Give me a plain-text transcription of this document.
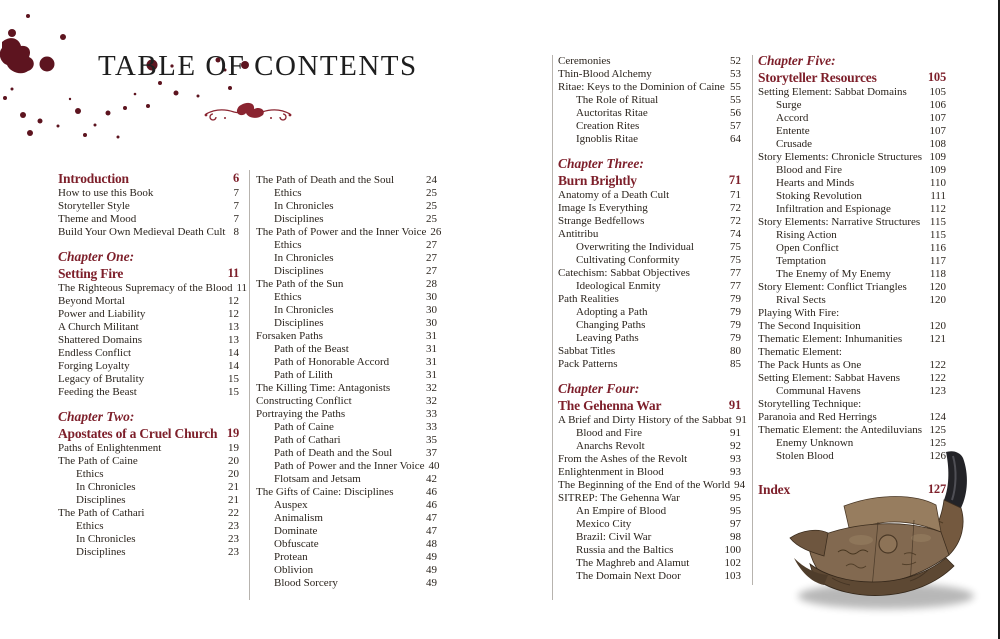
TABLE OF CONTENTS
Introduction	6
How to use this Book	7
Storyteller Style	7
Theme and Mood	7
Build Your Own Medieval Death Cult 8
Chapter One:
Setting Fire	11
The Righteous Supremacy of the Blood 11
Beyond Mortal	12
Power and Liability	12
A Church Militant	13
Shattered Domains	13
Endless Conflict	14
Forging Loyalty	14
Legacy of Brutality	15
Feeding the Beast	15
Chapter Two:
Apostates of a Cruel Church 19
Paths of Enlightenment	19
The Path of Caine	20
Ethics	20
In Chronicles	21
Disciplines	21
The Path of Cathari	22
Ethics	23
In Chronicles	23
Disciplines	23
The Path of Death and the Soul	24
Ethics	25
In Chronicles	25
Disciplines	25
The Path of Power and the Inner Voice 26
Ethics	27
In Chronicles	27
Disciplines	27
The Path of the Sun	28
Ethics	30
In Chronicles	30
Disciplines	30
Forsaken Paths	31
Path of the Beast	31
Path of Honorable Accord	31
Path of Lilith	31
The Killing Time: Antagonists	32
Constructing Conflict	32
Portraying the Paths	33
Path of Caine	33
Path of Cathari	35
Path of Death and the Soul	37
Path of Power and the Inner Voice 40
Flotsam and Jetsam	42
The Gifts of Caine: Disciplines	46
Auspex	46
Animalism	47
Dominate	47
Obfuscate	48
Protean	49
Oblivion	49
Blood Sorcery	49
Ceremonies	52
Thin-Blood Alchemy	53
Ritae: Keys to the Dominion of Caine 55
The Role of Ritual	55
Auctoritas Ritae	56
Creation Rites	57
Ignoblis Ritae	64
Chapter Three:
Burn Brightly	71
Anatomy of a Death Cult	71
Image Is Everything	72
Strange Bedfellows	72
Antitribu	74
Overwriting the Individual	75
Cultivating Conformity	75
Catechism: Sabbat Objectives	77
Ideological Enmity	77
Path Realities	79
Adopting a Path	79
Changing Paths	79
Leaving Paths	79
Sabbat Titles	80
Pack Patterns	85
Chapter Four:
The Gehenna War	91
A Brief and Dirty History of the Sabbat 91
Blood and Fire	91
Anarchs Revolt	92
From the Ashes of the Revolt	93
Enlightenment in Blood	93
The Beginning of the End of the World 94
SITREP: The Gehenna War	95
An Empire of Blood	95
Mexico City	97
Brazil: Civil War	98
Russia and the Baltics	100
The Maghreb and Alamut	102
The Domain Next Door	103
Chapter Five:
Storyteller Resources	105
Setting Element: Sabbat Domains	105
Surge	106
Accord	107
Entente	107
Crusade	108
Story Elements: Chronicle Structures 109
Blood and Fire	109
Hearts and Minds	110
Stoking Revolution	111
Infiltration and Espionage	112
Story Elements: Narrative Structures 115
Rising Action	115
Open Conflict	116
Temptation	117
The Enemy of My Enemy	118
Story Element: Conflict Triangles	120
Rival Sects	120
Playing With Fire:
The Second Inquisition	120
Thematic Element: Inhumanities	121
Thematic Element:
The Pack Hunts as One	122
Setting Element: Sabbat Havens	122
Communal Havens	123
Storytelling Technique:
Paranoia and Red Herrings	124
Thematic Element: the Antediluvians 125
Enemy Unknown	125
Stolen Blood	126
Index	127
